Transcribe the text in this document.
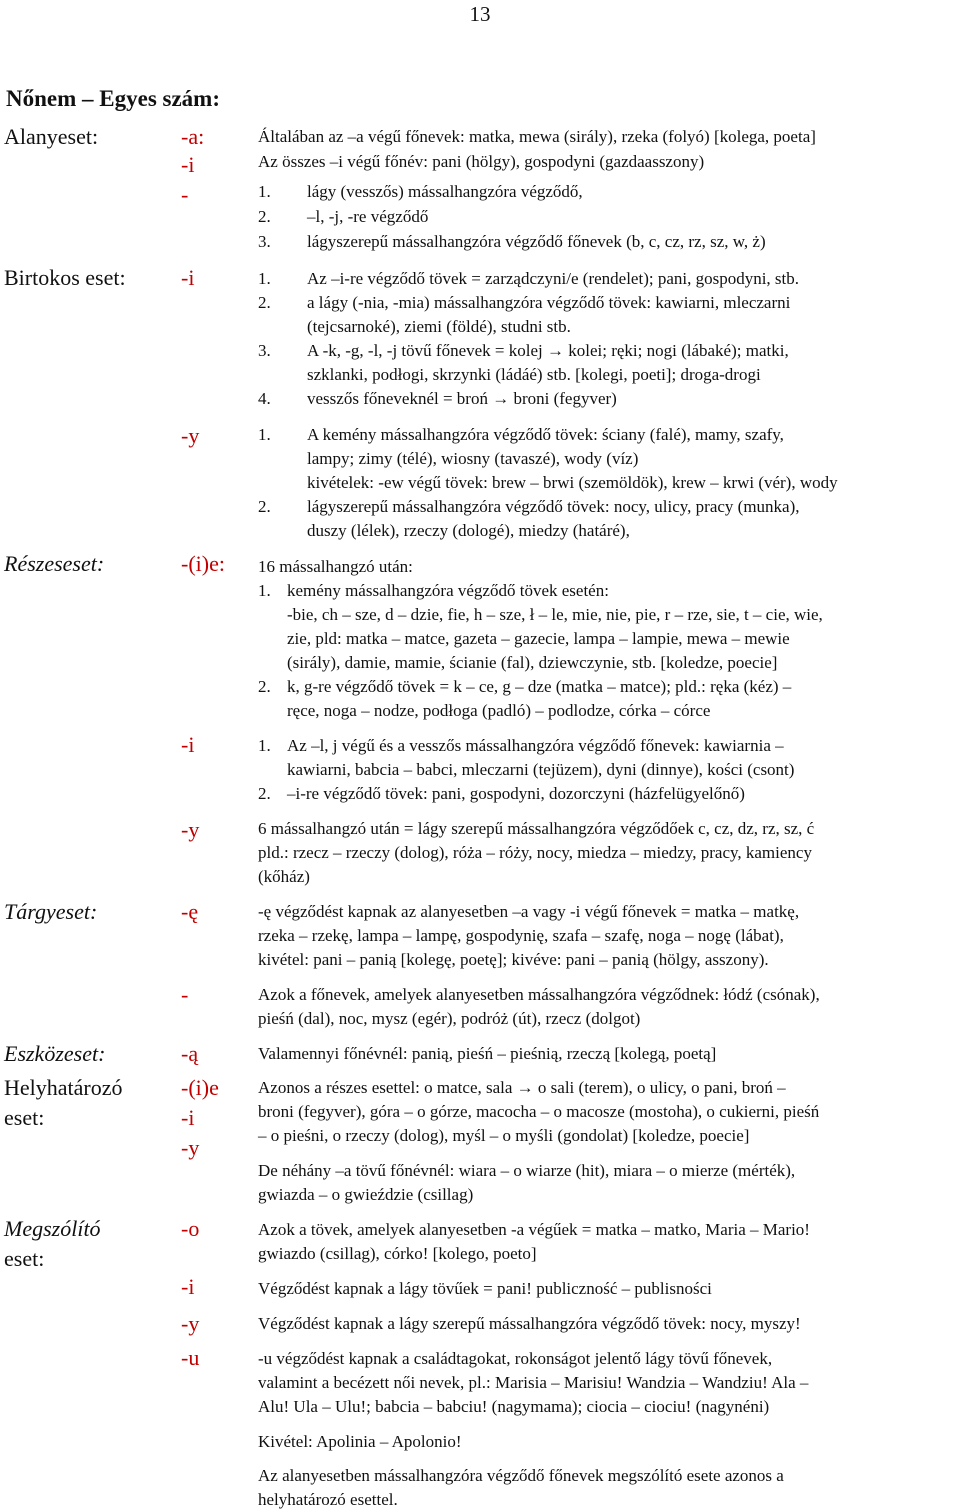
13
Nőnem – Egyes szám:
Alanyeset:
Birtokos eset:
Részeseset:
Tárgyeset:
Eszközeset:
Helyhatározó
eset:
Megszólító
eset:
-a:
-i
-
-i
-y
-(i)e:
-i
-y
-ę
-
-ą
-(i)e
-i
-y
-o
-i
-y
-u
Általában az –a végű főnevek: matka, mewa (sirály), rzeka (folyó) [kolega, poeta]
Az összes –i végű főnév: pani (hölgy), gospodyni (gazdaasszony)
1. lágy (vesszős) mássalhangzóra végződő,
2. –l, -j, -re végződő
3. lágyszerepű mássalhangzóra végződő főnevek (b, c, cz, rz, sz, w, ż)
1. Az –i-re végződő tövek = zarządczyni/e (rendelet); pani, gospodyni, stb.
2. a lágy (-nia, -mia) mássalhangzóra végződő tövek: kawiarni, mleczarni
(tejcsarnoké), ziemi (földé), studni stb.
3. A -k, -g, -l, -j tövű főnevek = kolej → kolei; ręki; nogi (lábaké); matki,
szklanki, podłogi, skrzynki (ládáé) stb. [kolegi, poeti]; droga-drogi
4. vesszős főneveknél = broń → broni (fegyver)
1. A kemény mássalhangzóra végződő tövek: ściany (falé), mamy, szafy,
lampy; zimy (télé), wiosny (tavaszé), wody (víz)
kivételek: -ew végű tövek: brew – brwi (szemöldök), krew – krwi (vér), wody
2. lágyszerepű mássalhangzóra végződő tövek: nocy, ulicy, pracy (munka),
duszy (lélek), rzeczy (dologé), miedzy (határé),
16 mássalhangzó után:
1. kemény mássalhangzóra végződő tövek esetén:
-bie, ch – sze, d – dzie, fie, h – sze, ł – le, mie, nie, pie, r – rze, sie, t – cie, wie,
zie, pld: matka – matce, gazeta – gazecie, lampa – lampie, mewa – mewie
(sirály), damie, mamie, ścianie (fal), dziewczynie, stb. [koledze, poecie]
2. k, g-re végződő tövek = k – ce, g – dze (matka – matce); pld.: ręka (kéz) –
ręce, noga – nodze, podłoga (padló) – podlodze, córka – córce
1. Az –l, j végű és a vesszős mássalhangzóra végződő főnevek: kawiarnia –
kawiarni, babcia – babci, mleczarni (tejüzem), dyni (dinnye), kości (csont)
2. –i-re végződő tövek: pani, gospodyni, dozorczyni (házfelügyelőnő)
6 mássalhangzó után = lágy szerepű mássalhangzóra végződőek c, cz, dz, rz, sz, ć
pld.: rzecz – rzeczy (dolog), róża – róży, nocy, miedza – miedzy, pracy, kamiency
(kőház)
-ę végződést kapnak az alanyesetben –a vagy -i végű főnevek = matka – matkę,
rzeka – rzekę, lampa – lampę, gospodynię, szafa – szafę, noga – nogę (lábat),
kivétel: pani – panią [kolegę, poetę]; kivéve: pani – panią (hölgy, asszony).
Azok a főnevek, amelyek alanyesetben mássalhangzóra végződnek: łódź (csónak),
pieśń (dal), noc, mysz (egér), podróż (út), rzecz (dolgot)
Valamennyi főnévnél: panią, pieśń – pieśnią, rzeczą [kolegą, poetą]
Azonos a részes esettel: o matce, sala → o sali (terem), o ulicy, o pani, broń –
broni (fegyver), góra – o górze, macocha – o macosze (mostoha), o cukierni, pieśń
– o pieśni, o rzeczy (dolog), myśl – o myśli (gondolat) [koledze, poecie]
De néhány –a tövű főnévnél: wiara – o wiarze (hit), miara – o mierze (mérték),
gwiazda – o gwieździe (csillag)
Azok a tövek, amelyek alanyesetben -a végűek = matka – matko, Maria – Mario!
gwiazdo (csillag), córko! [kolego, poeto]
Végződést kapnak a lágy tövűek = pani! publiczność – publisności
Végződést kapnak a lágy szerepű mássalhangzóra végződő tövek: nocy, myszy!
-u végződést kapnak a családtagokat, rokonságot jelentő lágy tövű főnevek,
valamint a becézett női nevek, pl.: Marisia – Marisiu! Wandzia – Wandziu! Ala –
Alu! Ula – Ulu!; babcia – babciu! (nagymama); ciocia – ciociu! (nagynéni)
Kivétel: Apolinia – Apolonio!
Az alanyesetben mássalhangzóra végződő főnevek megszólító esete azonos a
helyhatározó esettel.
